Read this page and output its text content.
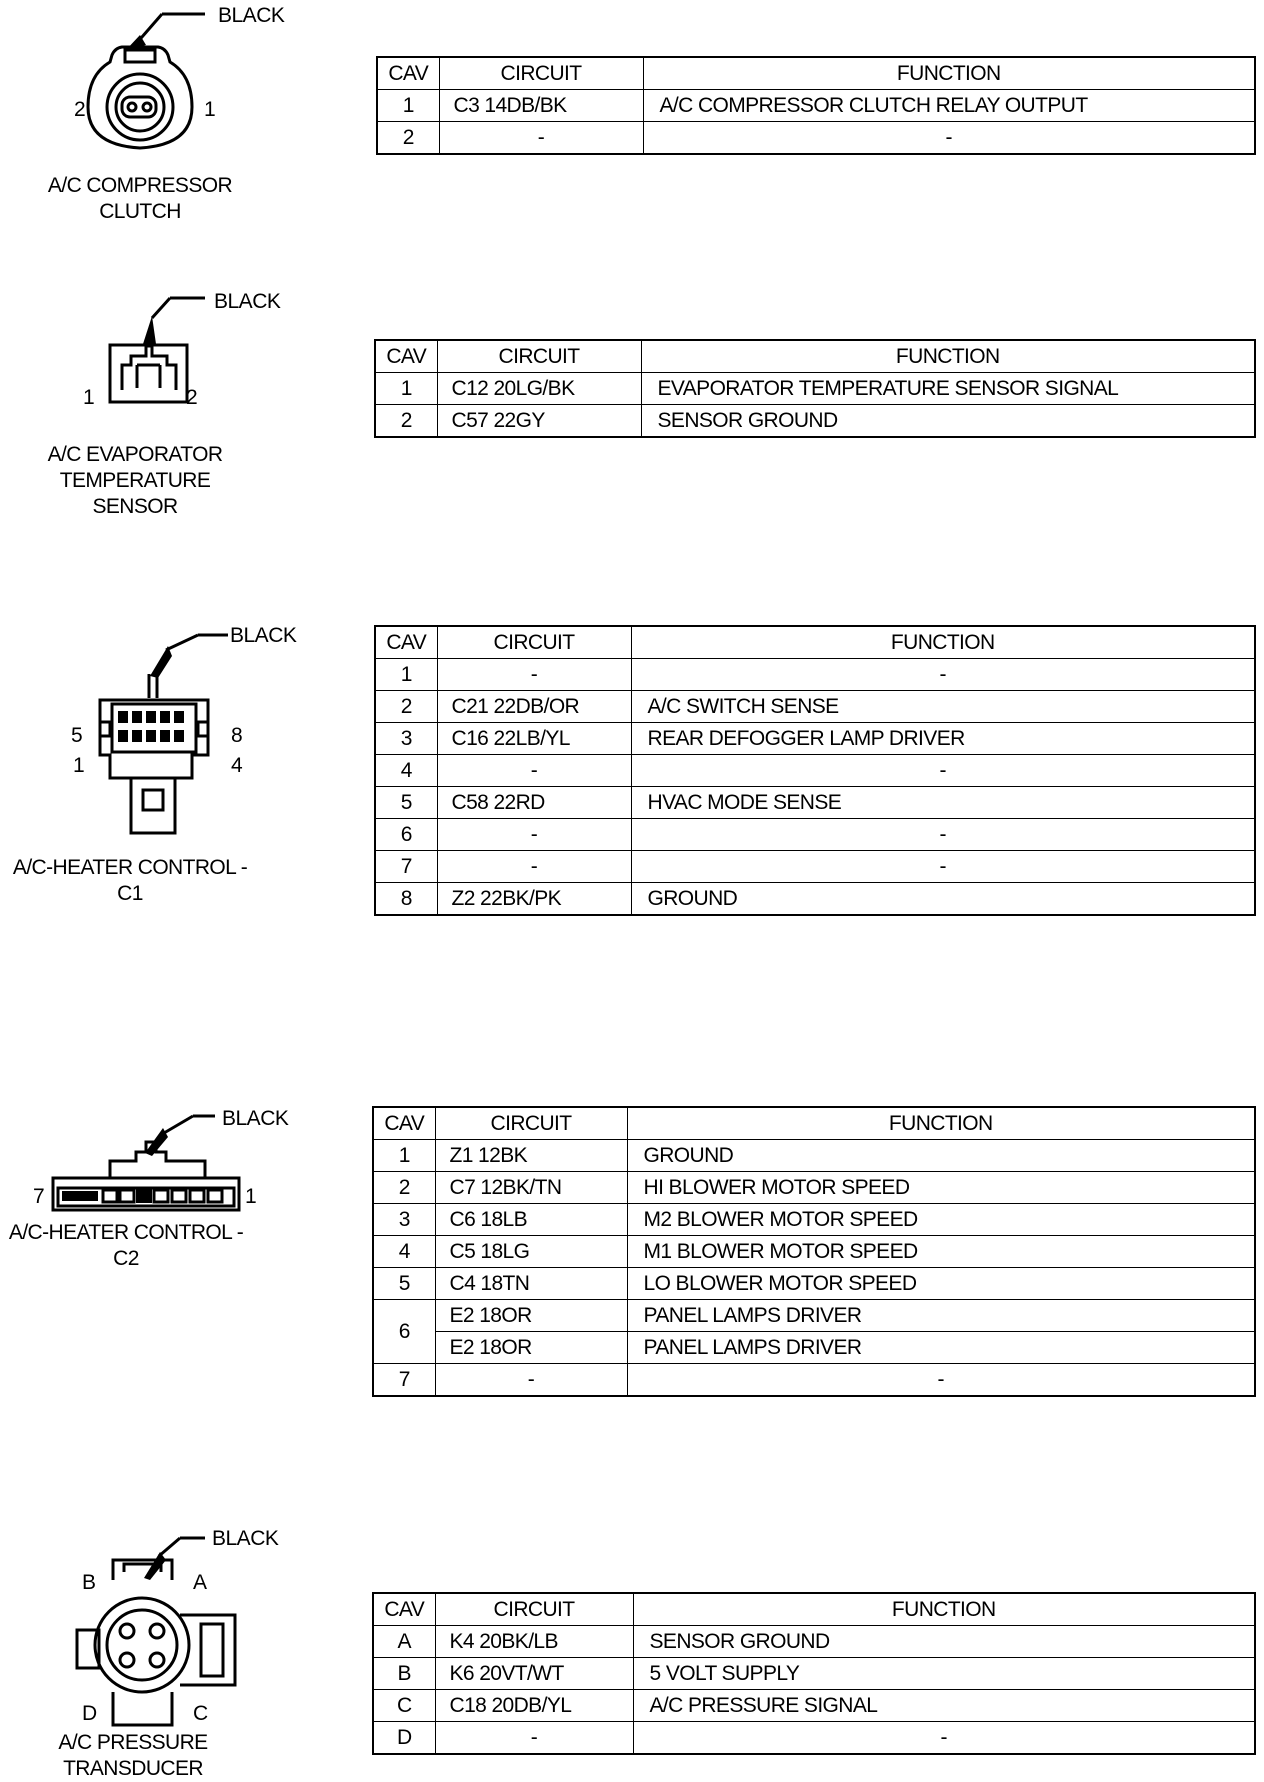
BLACK
2	1
A/C COMPRESSOR
CLUTCH
CAV	CIRCUIT	FUNCTION
1	C3 14DB/BK	A/C COMPRESSOR CLUTCH RELAY OUTPUT
2	-	-
BLACK
1	2
A/C EVAPORATOR
TEMPERATURE
SENSOR
CAV	CIRCUIT	FUNCTION
1	C12 20LG/BK	EVAPORATOR TEMPERATURE SENSOR SIGNAL
2	C57 22GY	SENSOR GROUND
BLACK
5	8
1	4
A/C-HEATER CONTROL - C1
CAV	CIRCUIT	FUNCTION
1	-	-
2	C21 22DB/OR	A/C SWITCH SENSE
3	C16 22LB/YL	REAR DEFOGGER LAMP DRIVER
4	-	-
5	C58 22RD	HVAC MODE SENSE
6	-	-
7	-	-
8	Z2 22BK/PK	GROUND
BLACK
7	1
A/C-HEATER CONTROL - C2
CAV	CIRCUIT	FUNCTION
1	Z1 12BK	GROUND
2	C7 12BK/TN	HI BLOWER MOTOR SPEED
3	C6 18LB	M2 BLOWER MOTOR SPEED
4	C5 18LG	M1 BLOWER MOTOR SPEED
5	C4 18TN	LO BLOWER MOTOR SPEED
6	E2 18OR	PANEL LAMPS DRIVER
	E2 18OR	PANEL LAMPS DRIVER
7	-	-
BLACK
B	A
D	C
A/C PRESSURE
TRANSDUCER
CAV	CIRCUIT	FUNCTION
A	K4 20BK/LB	SENSOR GROUND
B	K6 20VT/WT	5 VOLT SUPPLY
C	C18 20DB/YL	A/C PRESSURE SIGNAL
D	-	-
